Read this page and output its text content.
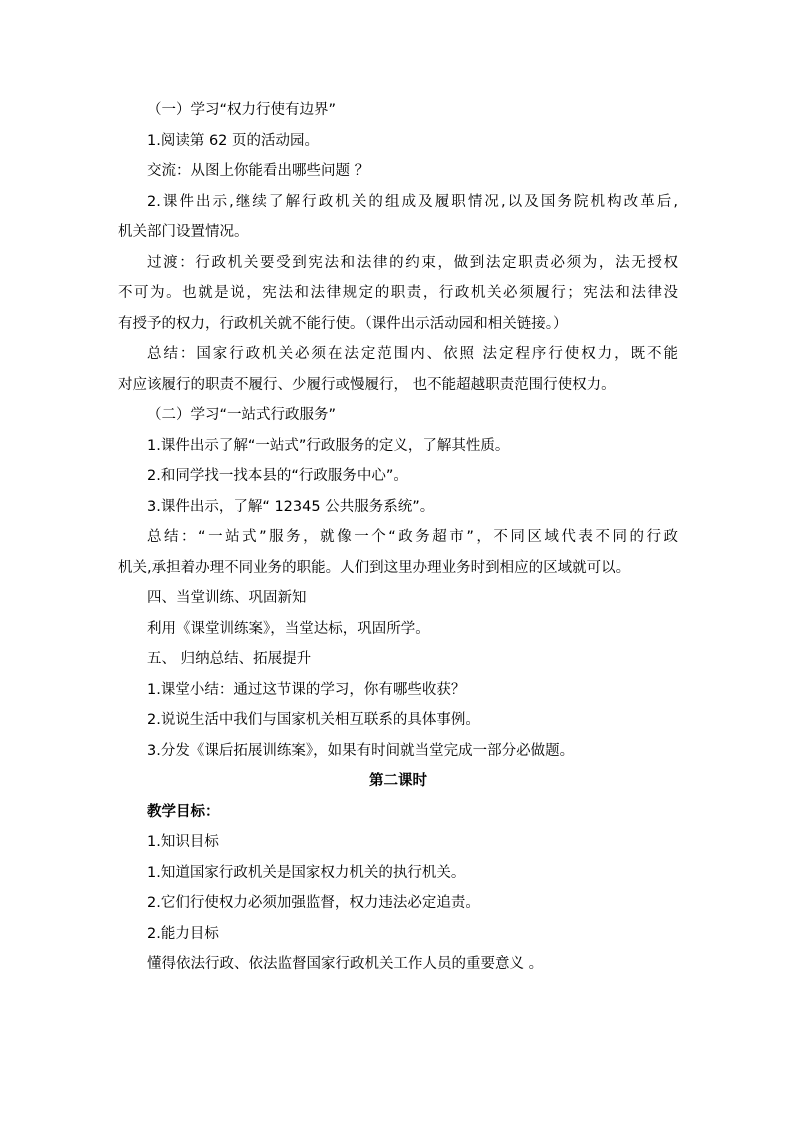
（一）学习“权力行使有边界”
1.阅读第 62 页的活动园。
交流：从图上你能看出哪些问题 ？
2.课件出示,继续了解行政机关的组成及履职情况,以及国务院机构改革后,
机关部门设置情况。
过渡：行政机关要受到宪法和法律的约束，做到法定职责必须为，法无授权
不可为。也就是说，宪法和法律规定的职责，行政机关必须履行；宪法和法律没
有授予的权力，行政机关就不能行使。（课件出示活动园和相关链接。）
总结：国家行政机关必须在法定范围内、依照 法定程序行使权力，既不能
对应该履行的职责不履行、少履行或慢履行， 也不能超越职责范围行使权力。
（二）学习“一站式行政服务”
1.课件出示了解“一站式”行政服务的定义，了解其性质。
2.和同学找一找本县的“行政服务中心”。
3.课件出示，了解“ 12345 公共服务系统”。
总结：“一站式”服务，就像一个“政务超市”，不同区域代表不同的行政
机关,承担着办理不同业务的职能。人们到这里办理业务时到相应的区域就可以。
四、当堂训练、巩固新知
利用《课堂训练案》，当堂达标，巩固所学。
五、 归纳总结、拓展提升
1.课堂小结：通过这节课的学习，你有哪些收获？
2.说说生活中我们与国家机关相互联系的具体事例。
3.分发《课后拓展训练案》，如果有时间就当堂完成一部分必做题。
第二课时
教学目标：
1.知识目标
1.知道国家行政机关是国家权力机关的执行机关。
2.它们行使权力必须加强监督，权力违法必定追责。
2.能力目标
懂得依法行政、依法监督国家行政机关工作人员的重要意义 。
